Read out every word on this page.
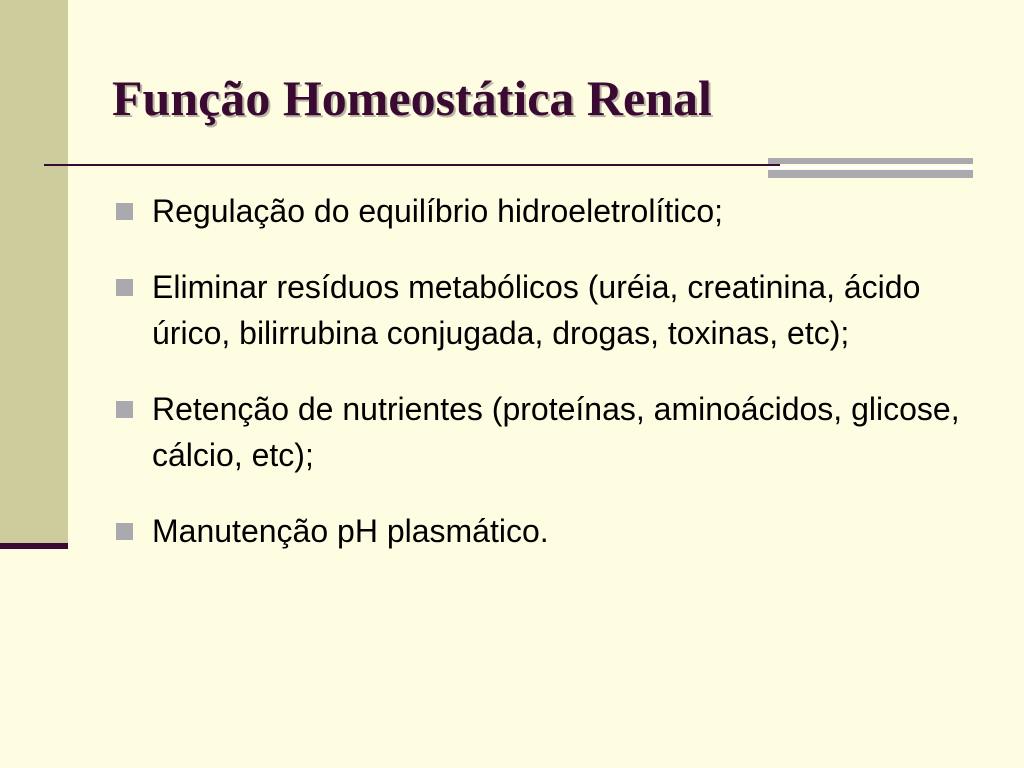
Função Homeostática Renal
Regulação do equilíbrio hidroeletrolítico;
Eliminar resíduos metabólicos (uréia, creatinina, ácido úrico, bilirrubina conjugada, drogas, toxinas, etc);
Retenção de nutrientes (proteínas, aminoácidos, glicose, cálcio, etc);
Manutenção pH plasmático.
